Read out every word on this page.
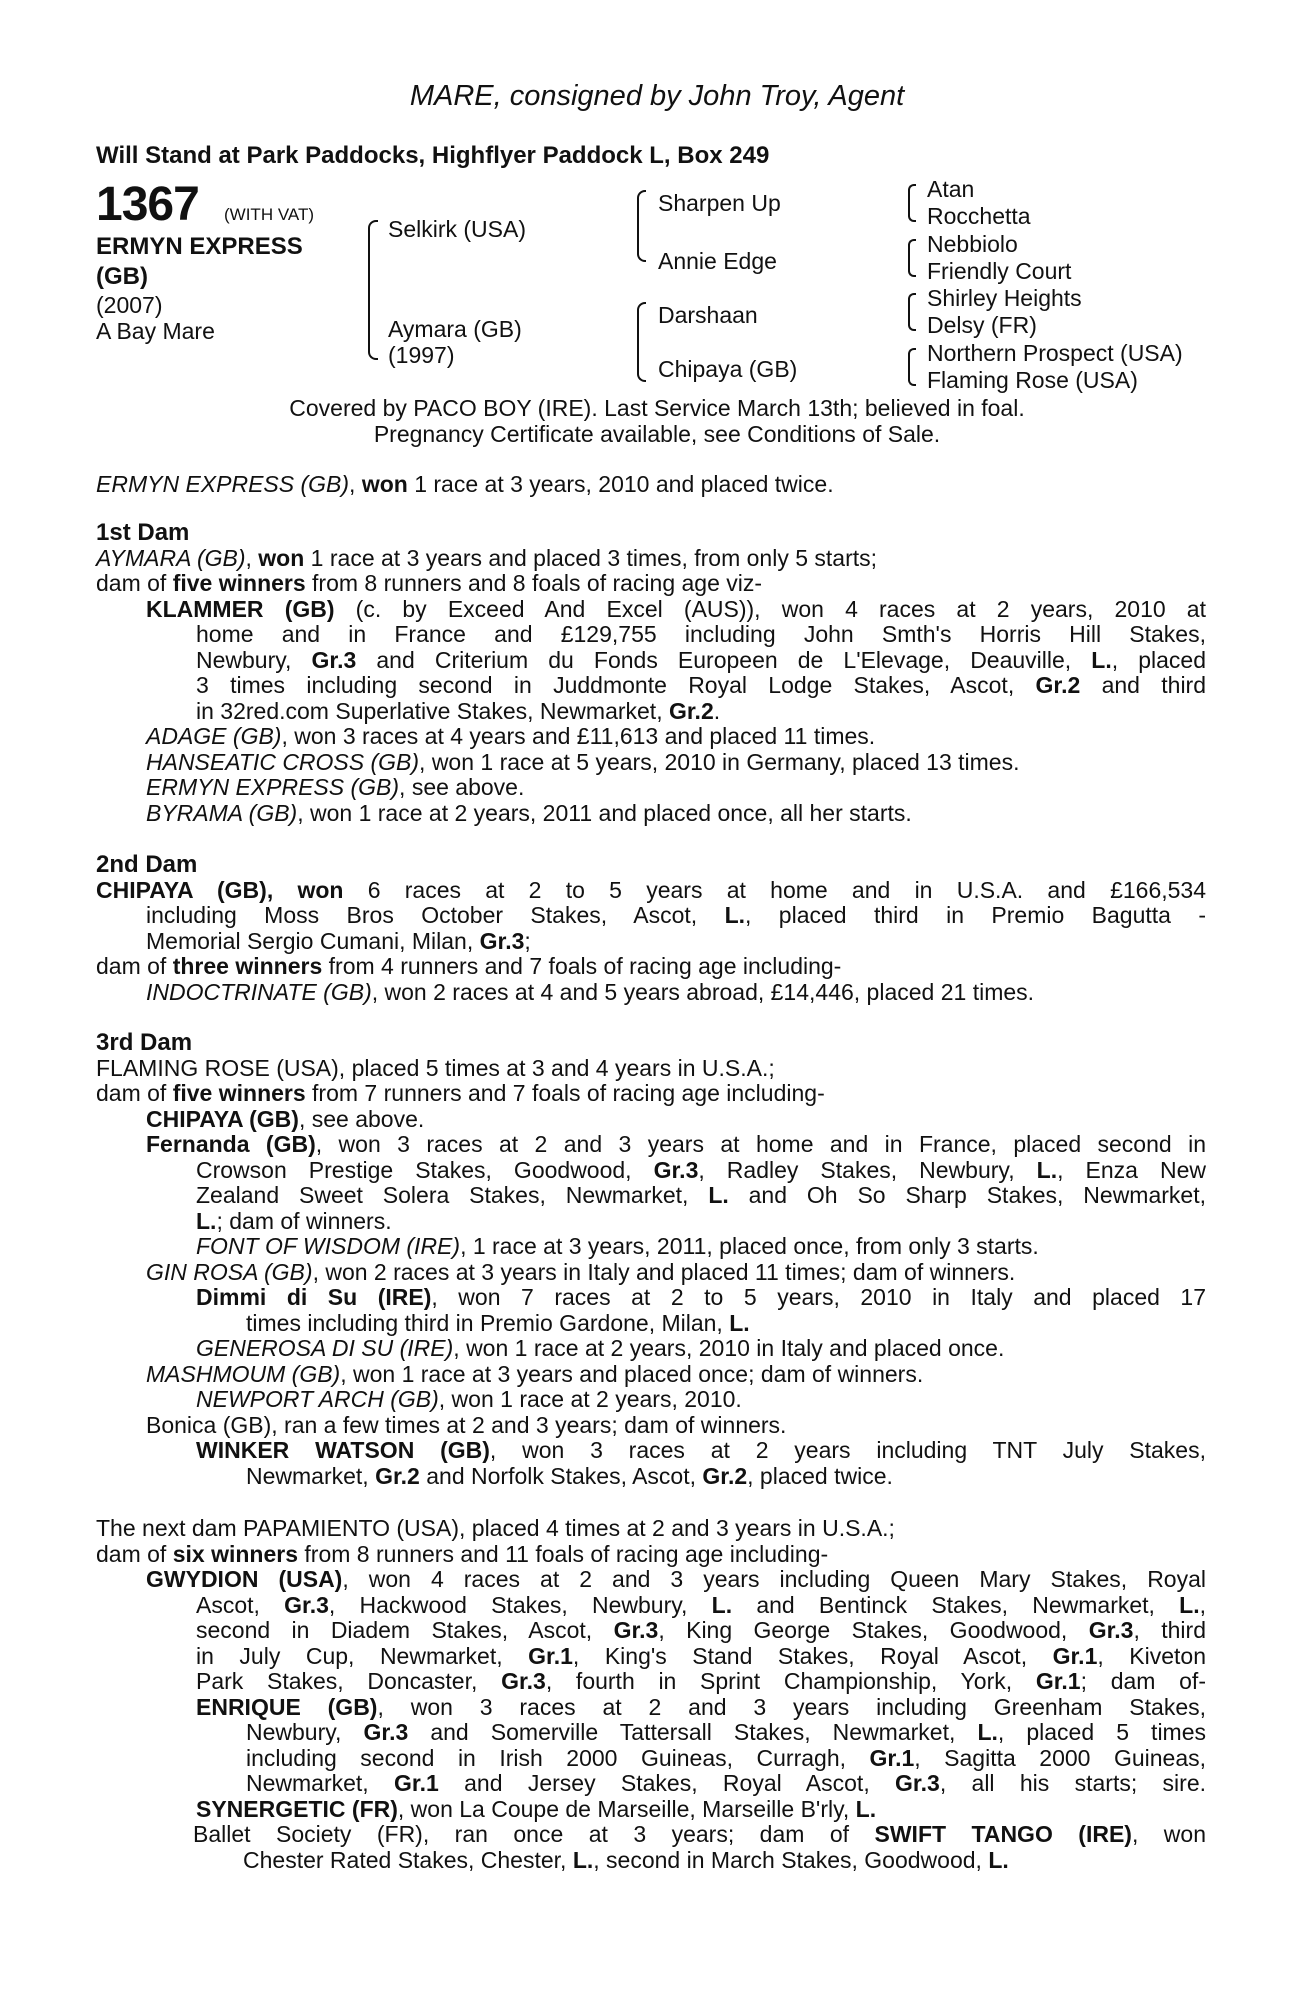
MARE, consigned by John Troy, Agent
Will Stand at Park Paddocks, Highflyer Paddock L, Box 249
1367 (WITH VAT)
ERMYN EXPRESS
(GB)
(2007)
A Bay Mare
Selkirk (USA)
Aymara (GB)
(1997)
Sharpen Up
Annie Edge
Darshaan
Chipaya (GB)
Atan
Rocchetta
Nebbiolo
Friendly Court
Shirley Heights
Delsy (FR)
Northern Prospect (USA)
Flaming Rose (USA)
Covered by PACO BOY (IRE). Last Service March 13th; believed in foal.
Pregnancy Certificate available, see Conditions of Sale.
ERMYN EXPRESS (GB), won 1 race at 3 years, 2010 and placed twice.
1st Dam
AYMARA (GB), won 1 race at 3 years and placed 3 times, from only 5 starts;
dam of five winners from 8 runners and 8 foals of racing age viz-
KLAMMER (GB) (c. by Exceed And Excel (AUS)), won 4 races at 2 years, 2010 at
home and in France and £129,755 including John Smth's Horris Hill Stakes,
Newbury, Gr.3 and Criterium du Fonds Europeen de L'Elevage, Deauville, L., placed
3 times including second in Juddmonte Royal Lodge Stakes, Ascot, Gr.2 and third
in 32red.com Superlative Stakes, Newmarket, Gr.2.
ADAGE (GB), won 3 races at 4 years and £11,613 and placed 11 times.
HANSEATIC CROSS (GB), won 1 race at 5 years, 2010 in Germany, placed 13 times.
ERMYN EXPRESS (GB), see above.
BYRAMA (GB), won 1 race at 2 years, 2011 and placed once, all her starts.
2nd Dam
CHIPAYA (GB), won 6 races at 2 to 5 years at home and in U.S.A. and £166,534
including Moss Bros October Stakes, Ascot, L., placed third in Premio Bagutta -
Memorial Sergio Cumani, Milan, Gr.3;
dam of three winners from 4 runners and 7 foals of racing age including-
INDOCTRINATE (GB), won 2 races at 4 and 5 years abroad, £14,446, placed 21 times.
3rd Dam
FLAMING ROSE (USA), placed 5 times at 3 and 4 years in U.S.A.;
dam of five winners from 7 runners and 7 foals of racing age including-
CHIPAYA (GB), see above.
Fernanda (GB), won 3 races at 2 and 3 years at home and in France, placed second in
Crowson Prestige Stakes, Goodwood, Gr.3, Radley Stakes, Newbury, L., Enza New
Zealand Sweet Solera Stakes, Newmarket, L. and Oh So Sharp Stakes, Newmarket,
L.; dam of winners.
FONT OF WISDOM (IRE), 1 race at 3 years, 2011, placed once, from only 3 starts.
GIN ROSA (GB), won 2 races at 3 years in Italy and placed 11 times; dam of winners.
Dimmi di Su (IRE), won 7 races at 2 to 5 years, 2010 in Italy and placed 17
times including third in Premio Gardone, Milan, L.
GENEROSA DI SU (IRE), won 1 race at 2 years, 2010 in Italy and placed once.
MASHMOUM (GB), won 1 race at 3 years and placed once; dam of winners.
NEWPORT ARCH (GB), won 1 race at 2 years, 2010.
Bonica (GB), ran a few times at 2 and 3 years; dam of winners.
WINKER WATSON (GB), won 3 races at 2 years including TNT July Stakes,
Newmarket, Gr.2 and Norfolk Stakes, Ascot, Gr.2, placed twice.
The next dam PAPAMIENTO (USA), placed 4 times at 2 and 3 years in U.S.A.;
dam of six winners from 8 runners and 11 foals of racing age including-
GWYDION (USA), won 4 races at 2 and 3 years including Queen Mary Stakes, Royal
Ascot, Gr.3, Hackwood Stakes, Newbury, L. and Bentinck Stakes, Newmarket, L.,
second in Diadem Stakes, Ascot, Gr.3, King George Stakes, Goodwood, Gr.3, third
in July Cup, Newmarket, Gr.1, King's Stand Stakes, Royal Ascot, Gr.1, Kiveton
Park Stakes, Doncaster, Gr.3, fourth in Sprint Championship, York, Gr.1; dam of-
ENRIQUE (GB), won 3 races at 2 and 3 years including Greenham Stakes,
Newbury, Gr.3 and Somerville Tattersall Stakes, Newmarket, L., placed 5 times
including second in Irish 2000 Guineas, Curragh, Gr.1, Sagitta 2000 Guineas,
Newmarket, Gr.1 and Jersey Stakes, Royal Ascot, Gr.3, all his starts; sire.
SYNERGETIC (FR), won La Coupe de Marseille, Marseille B'rly, L.
Ballet Society (FR), ran once at 3 years; dam of SWIFT TANGO (IRE), won
Chester Rated Stakes, Chester, L., second in March Stakes, Goodwood, L.
